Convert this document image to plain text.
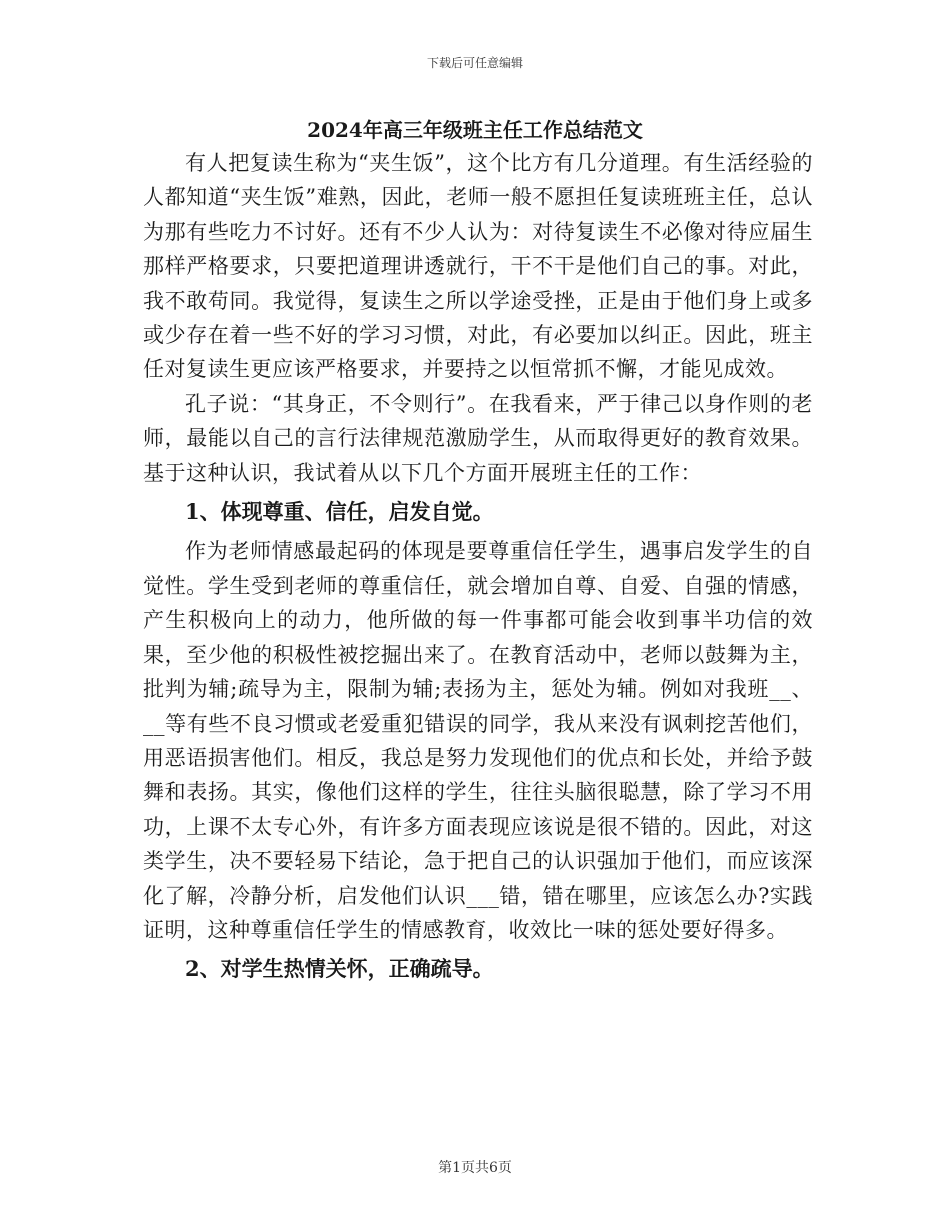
下载后可任意编辑
2024年高三年级班主任工作总结范文

有人把复读生称为“夹生饭”，这个比方有几分道理。有生活经验的人都知道“夹生饭”难熟，因此，老师一般不愿担任复读班班主任，总认为那有些吃力不讨好。还有不少人认为：对待复读生不必像对待应届生那样严格要求，只要把道理讲透就行，干不干是他们自己的事。对此，我不敢苟同。我觉得，复读生之所以学途受挫，正是由于他们身上或多或少存在着一些不好的学习习惯，对此，有必要加以纠正。因此，班主任对复读生更应该严格要求，并要持之以恒常抓不懈，才能见成效。

孔子说：“其身正，不令则行”。在我看来，严于律己以身作则的老师，最能以自己的言行法律规范激励学生，从而取得更好的教育效果。基于这种认识，我试着从以下几个方面开展班主任的工作：

1、体现尊重、信任，启发自觉。

作为老师情感最起码的体现是要尊重信任学生，遇事启发学生的自觉性。学生受到老师的尊重信任，就会增加自尊、自爱、自强的情感，产生积极向上的动力，他所做的每一件事都可能会收到事半功信的效果，至少他的积极性被挖掘出来了。在教育活动中，老师以鼓舞为主，批判为辅;疏导为主，限制为辅;表扬为主，惩处为辅。例如对我班__、__等有些不良习惯或老爱重犯错误的同学，我从来没有讽刺挖苦他们，用恶语损害他们。相反，我总是努力发现他们的优点和长处，并给予鼓舞和表扬。其实，像他们这样的学生，往往头脑很聪慧，除了学习不用功，上课不太专心外，有许多方面表现应该说是很不错的。因此，对这类学生，决不要轻易下结论，急于把自己的认识强加于他们，而应该深化了解，冷静分析，启发他们认识___错，错在哪里，应该怎么办?实践证明，这种尊重信任学生的情感教育，收效比一味的惩处要好得多。

2、对学生热情关怀，正确疏导。

第1页共6页
